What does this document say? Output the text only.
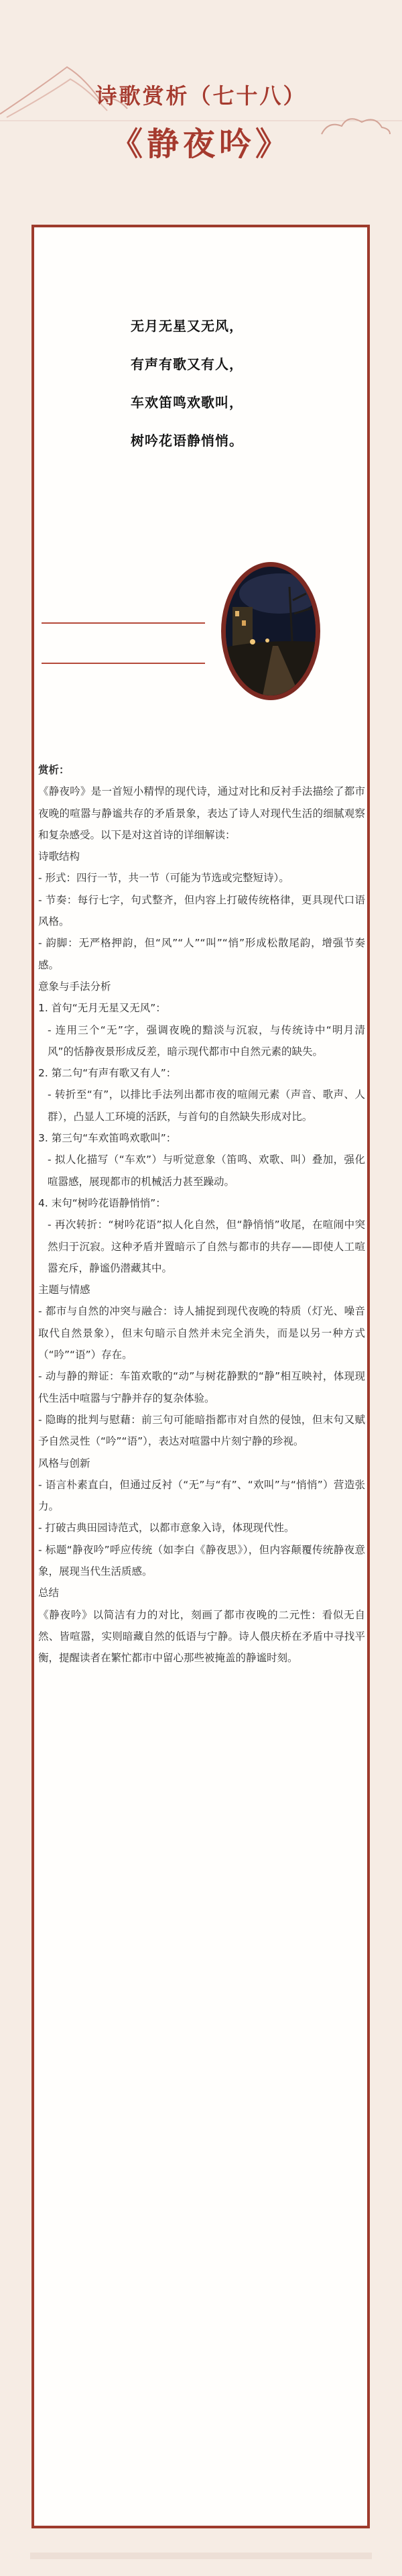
诗歌赏析（七十八）
《静夜吟》
无月无星又无风，
有声有歌又有人，
车欢笛鸣欢歌叫，
树吟花语静悄悄。

赏析：

《静夜吟》是一首短小精悍的现代诗，通过对比和反衬手法描绘了都市夜晚的喧嚣与静谧共存的矛盾景象，表达了诗人对现代生活的细腻观察和复杂感受。以下是对这首诗的详细解读：

诗歌结构

- 形式：四行一节，共一节（可能为节选或完整短诗）。

- 节奏：每行七字，句式整齐，但内容上打破传统格律，更具现代口语风格。

- 韵脚：无严格押韵，但“风”“人”“叫”“悄”形成松散尾韵，增强节奏感。

意象与手法分析

1. 首句“无月无星又无风”：

- 连用三个“无”字，强调夜晚的黯淡与沉寂，与传统诗中“明月清风”的恬静夜景形成反差，暗示现代都市中自然元素的缺失。

2. 第二句“有声有歌又有人”：

- 转折至“有”，以排比手法列出都市夜的喧闹元素（声音、歌声、人群），凸显人工环境的活跃，与首句的自然缺失形成对比。

3. 第三句“车欢笛鸣欢歌叫”：

- 拟人化描写（“车欢”）与听觉意象（笛鸣、欢歌、叫）叠加，强化喧嚣感，展现都市的机械活力甚至躁动。

4. 末句“树吟花语静悄悄”：

- 再次转折：“树吟花语”拟人化自然，但“静悄悄”收尾，在喧闹中突然归于沉寂。这种矛盾并置暗示了自然与都市的共存——即使人工喧嚣充斥，静谧仍潜藏其中。

主题与情感

- 都市与自然的冲突与融合：诗人捕捉到现代夜晚的特质（灯光、噪音取代自然景象），但末句暗示自然并未完全消失，而是以另一种方式（“吟”“语”）存在。

- 动与静的辩证：车笛欢歌的“动”与树花静默的“静”相互映衬，体现现代生活中喧嚣与宁静并存的复杂体验。

- 隐晦的批判与慰藉：前三句可能暗指都市对自然的侵蚀，但末句又赋予自然灵性（“吟”“语”），表达对喧嚣中片刻宁静的珍视。

风格与创新

- 语言朴素直白，但通过反衬（“无”与“有”、“欢叫”与“悄悄”）营造张力。

- 打破古典田园诗范式，以都市意象入诗，体现现代性。

- 标题“静夜吟”呼应传统（如李白《静夜思》），但内容颠覆传统静夜意象，展现当代生活质感。

总结

《静夜吟》以简洁有力的对比，刻画了都市夜晚的二元性：看似无自然、皆喧嚣，实则暗藏自然的低语与宁静。诗人偎庆桥在矛盾中寻找平衡，提醒读者在繁忙都市中留心那些被掩盖的静谧时刻。
